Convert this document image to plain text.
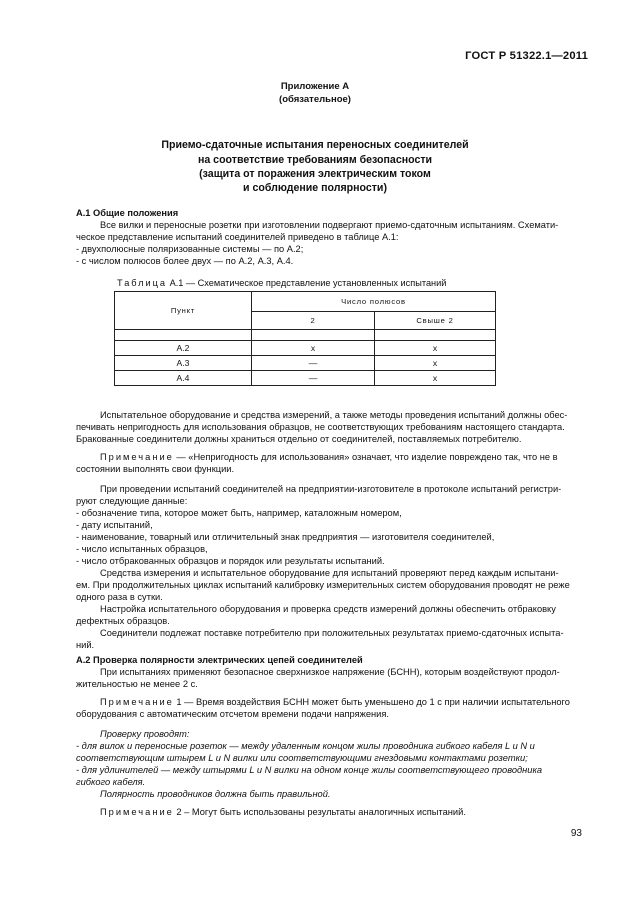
ГОСТ Р 51322.1—2011
Приложение А
(обязательное)
Приемо-сдаточные испытания переносных соединителей
на соответствие требованиям безопасности
(защита от поражения электрическим током
и соблюдение полярности)
А.1 Общие положения
Все вилки и переносные розетки при изготовлении подвергают приемо-сдаточным испытаниям. Схемати-
ческое представление испытаний соединителей приведено в таблице А.1:
- двухполюсные поляризованные системы — по А.2;
- с числом полюсов более двух — по А.2, А.3, А.4.
Таблица А.1 — Схематическое представление установленных испытаний
Пункт	Число полюсов	
	2	Свыше 2

А.2	x	x
А.3	—	x
А.4	—	x
Испытательное оборудование и средства измерений, а также методы проведения испытаний должны обес-
печивать непригодность для использования образцов, не соответствующих требованиям настоящего стандарта.
Бракованные соединители должны храниться отдельно от соединителей, поставляемых потребителю.
Примечание — «Непригодность для использования» означает, что изделие повреждено так, что не в
состоянии выполнять свои функции.
При проведении испытаний соединителей на предприятии-изготовителе в протоколе испытаний регистри-
руют следующие данные:
- обозначение типа, которое может быть, например, каталожным номером,
- дату испытаний,
- наименование, товарный или отличительный знак предприятия — изготовителя соединителей,
- число испытанных образцов,
- число отбракованных образцов и порядок или результаты испытаний.
Средства измерения и испытательное оборудование для испытаний проверяют перед каждым испытани-
ем. При продолжительных циклах испытаний калибровку измерительных систем оборудования проводят не реже
одного раза в сутки.
Настройка испытательного оборудования и проверка средств измерений должны обеспечить отбраковку
дефектных образцов.
Соединители подлежат поставке потребителю при положительных результатах приемо-сдаточных испыта-
ний.
А.2 Проверка полярности электрических цепей соединителей
При испытаниях применяют безопасное сверхнизкое напряжение (БСНН), которым воздействуют продол-
жительностью не менее 2 с.
Примечание 1 — Время воздействия БСНН может быть уменьшено до 1 с при наличии испытательного
оборудования с автоматическим отсчетом времени подачи напряжения.
Проверку проводят:
- для вилок и переносные розеток — между удаленным концом жилы проводника гибкого кабеля L и N и
соответствующим штырем L и N вилки или соответствующими гнездовыми контактами розетки;
- для удлинителей — между штырями L и N вилки на одном конце жилы соответствующего проводника
гибкого кабеля.
Полярность проводников должна быть правильной.
Примечание 2 – Могут быть использованы результаты аналогичных испытаний.
93
